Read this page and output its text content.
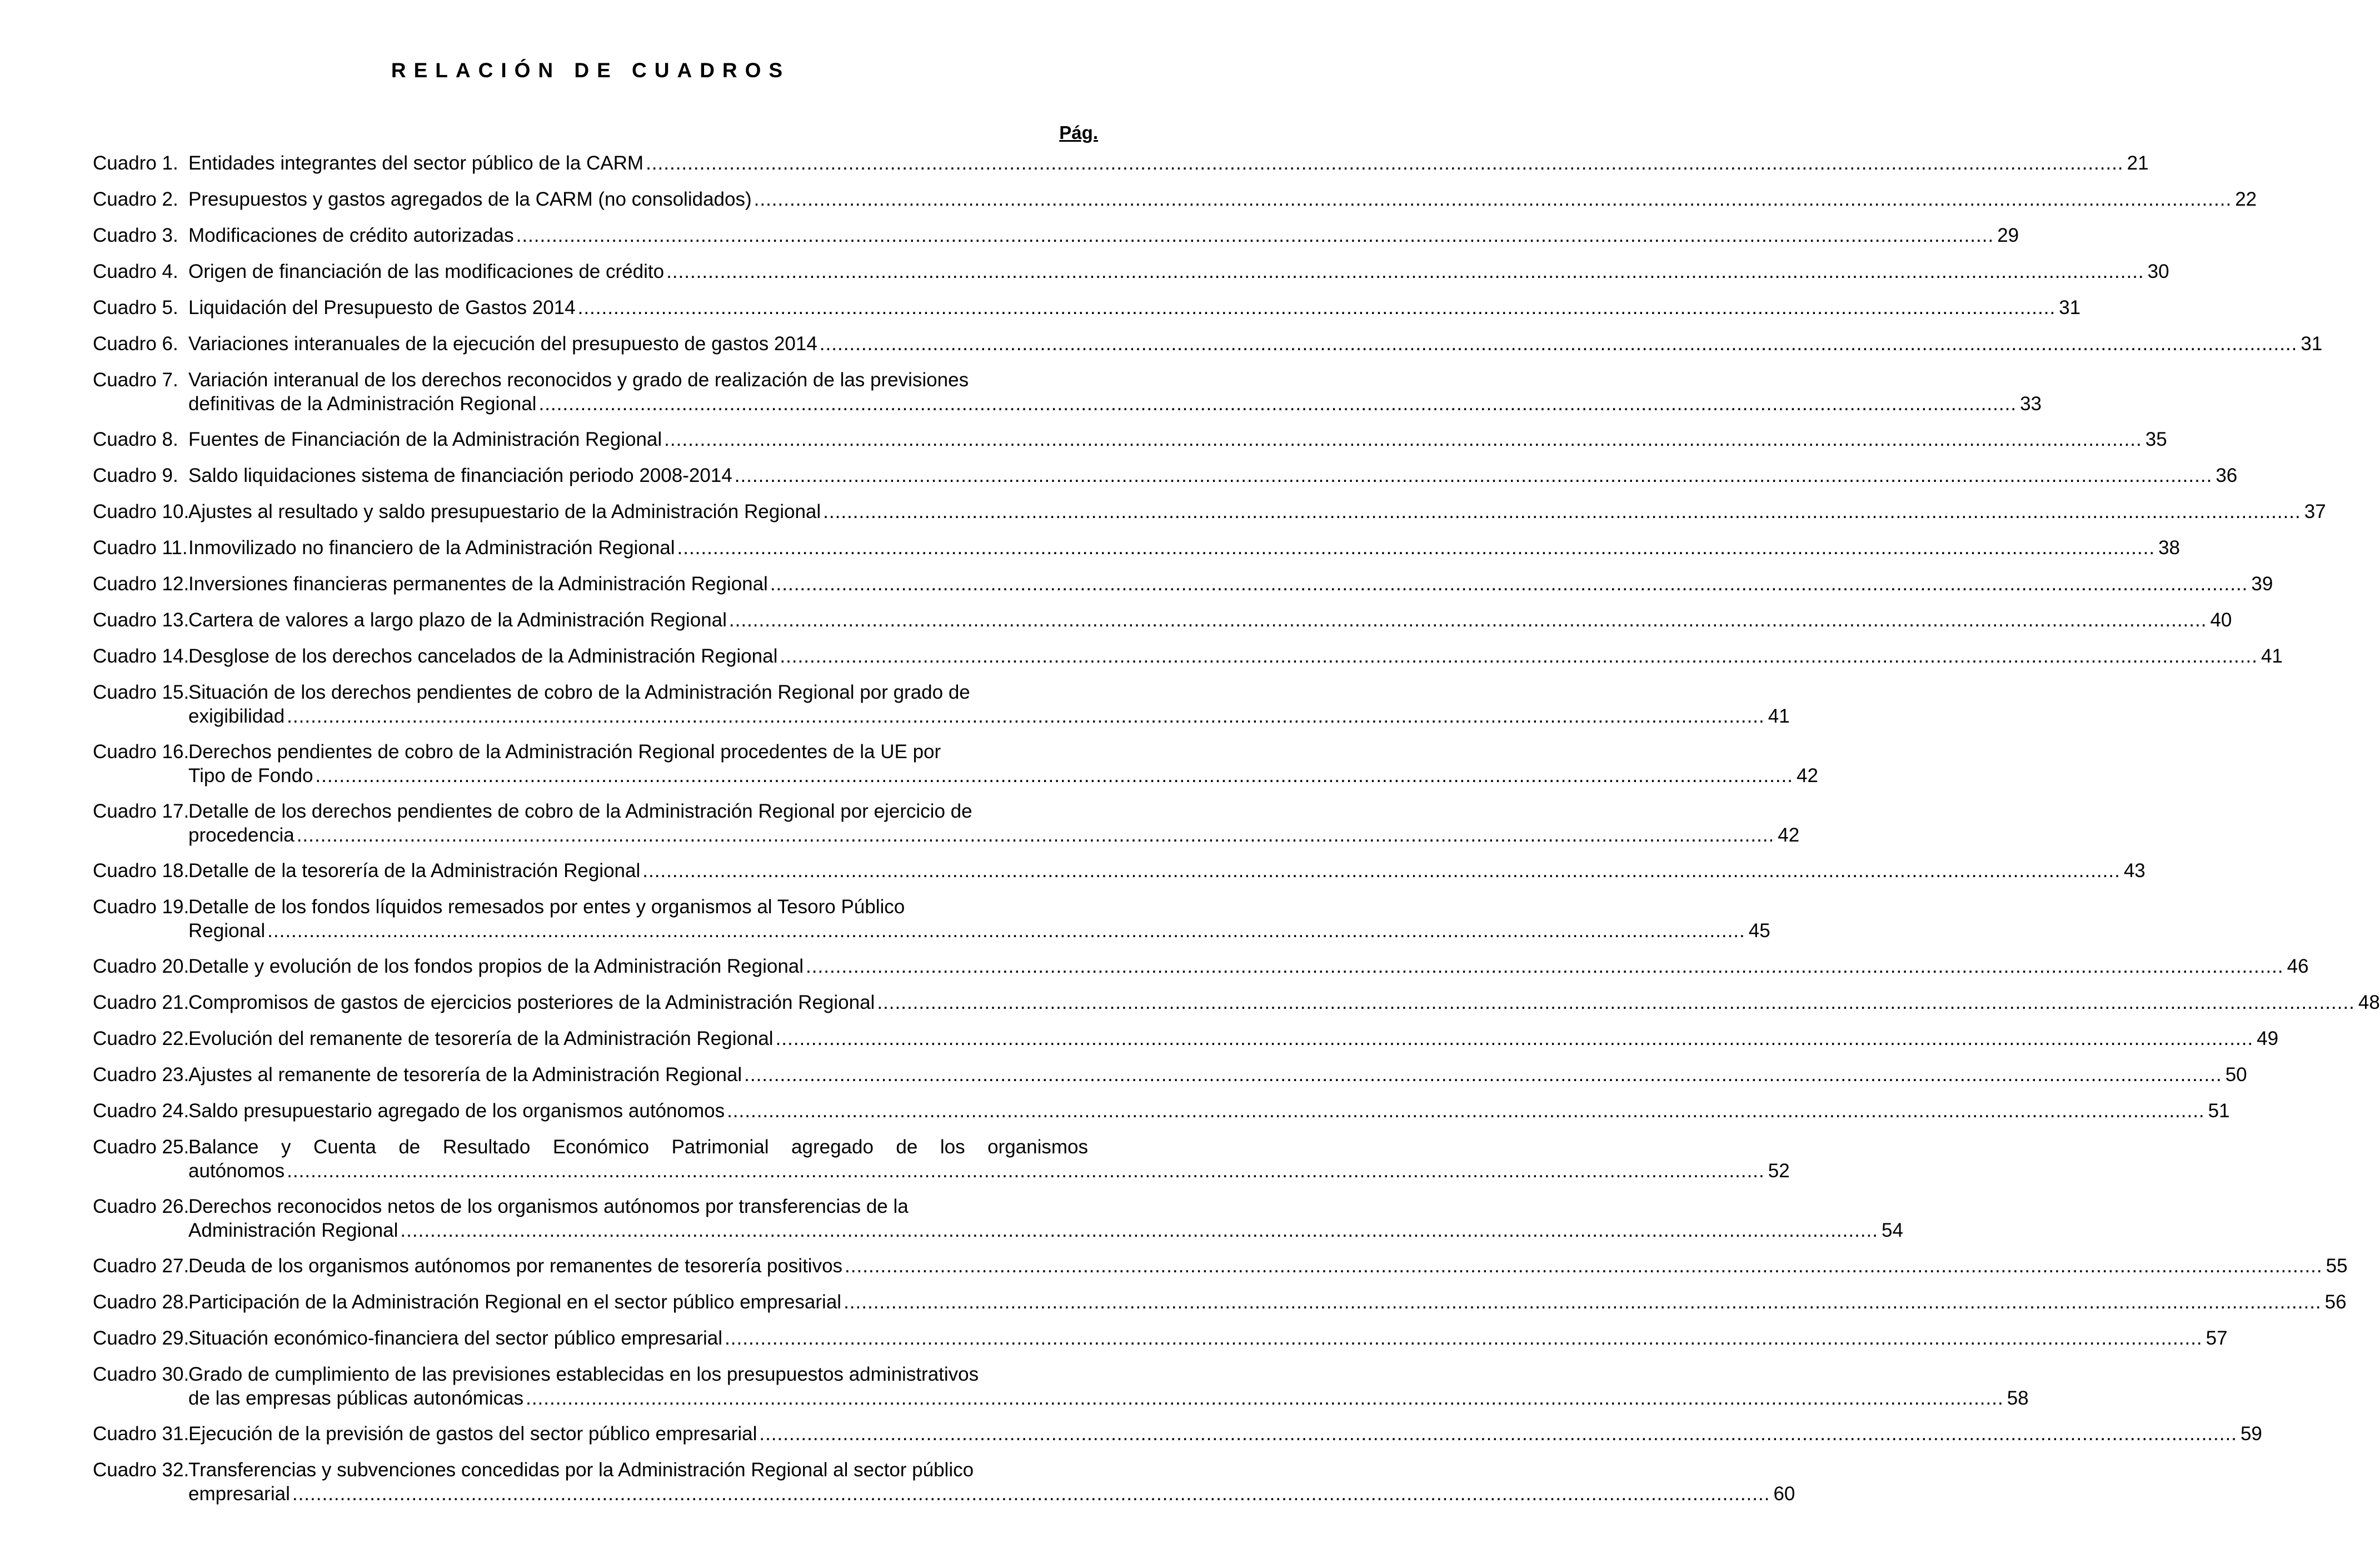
RELACIÓN DE CUADROS
Pág.
Cuadro 1. Entidades integrantes del sector público de la CARM .....	21
Cuadro 2. Presupuestos y gastos agregados de la CARM (no consolidados) .....	22
Cuadro 3. Modificaciones de crédito autorizadas .....	29
Cuadro 4. Origen de financiación de las modificaciones de crédito .....	30
Cuadro 5. Liquidación del Presupuesto de Gastos 2014 .....	31
Cuadro 6. Variaciones interanuales de la ejecución del presupuesto de gastos 2014 .....	31
Cuadro 7. Variación interanual de los derechos reconocidos y grado de realización de las previsiones
definitivas de la Administración Regional .....	33
Cuadro 8. Fuentes de Financiación de la Administración Regional .....	35
Cuadro 9. Saldo liquidaciones sistema de financiación periodo 2008-2014 .....	36
Cuadro 10.
Ajustes al resultado y saldo presupuestario de la Administración Regional .....	37
Cuadro 11. Inmovilizado no financiero de la Administración Regional .....	38
Cuadro 12.
Inversiones financieras permanentes de la Administración Regional .....	39
Cuadro 13.
Cartera de valores a largo plazo de la Administración Regional .....	40
Cuadro 14.
Desglose de los derechos cancelados de la Administración Regional .....	41
Cuadro 15.
Situación de los derechos pendientes de cobro de la Administración Regional por grado de
exigibilidad .....	41
Cuadro 16.
Derechos pendientes de cobro de la Administración Regional procedentes de la UE por
Tipo de Fondo .....	42
Cuadro 17.
Detalle de los derechos pendientes de cobro de la Administración Regional por ejercicio de
procedencia .....	42
Cuadro 18.
Detalle de la tesorería de la Administración Regional .....	43
Cuadro 19.
Detalle de los fondos líquidos remesados por entes y organismos al Tesoro Público
Regional .....	45
Cuadro 20.
Detalle y evolución de los fondos propios de la Administración Regional .....	46
Cuadro 21.
Compromisos de gastos de ejercicios posteriores de la Administración Regional .....	48
Cuadro 22.
Evolución del remanente de tesorería de la Administración Regional .....	49
Cuadro 23.
Ajustes al remanente de tesorería de la Administración Regional .....	50
Cuadro 24.
Saldo presupuestario agregado de los organismos autónomos .....	51
Cuadro 25.
Balance y Cuenta de Resultado Económico Patrimonial agregado de los organismos
autónomos .....	52
Cuadro 26.
Derechos reconocidos netos de los organismos autónomos por transferencias de la
Administración Regional .....	54
Cuadro 27.
Deuda de los organismos autónomos por remanentes de tesorería positivos .....	55
Cuadro 28.
Participación de la Administración Regional en el sector público empresarial .....	56
Cuadro 29.
Situación económico-financiera del sector público empresarial .....	57
Cuadro 30.
Grado de cumplimiento de las previsiones establecidas en los presupuestos administrativos
de las empresas públicas autonómicas .....	58
Cuadro 31.
Ejecución de la previsión de gastos del sector público empresarial .....	59
Cuadro 32.
Transferencias y subvenciones concedidas por la Administración Regional al sector público
empresarial .....	60
